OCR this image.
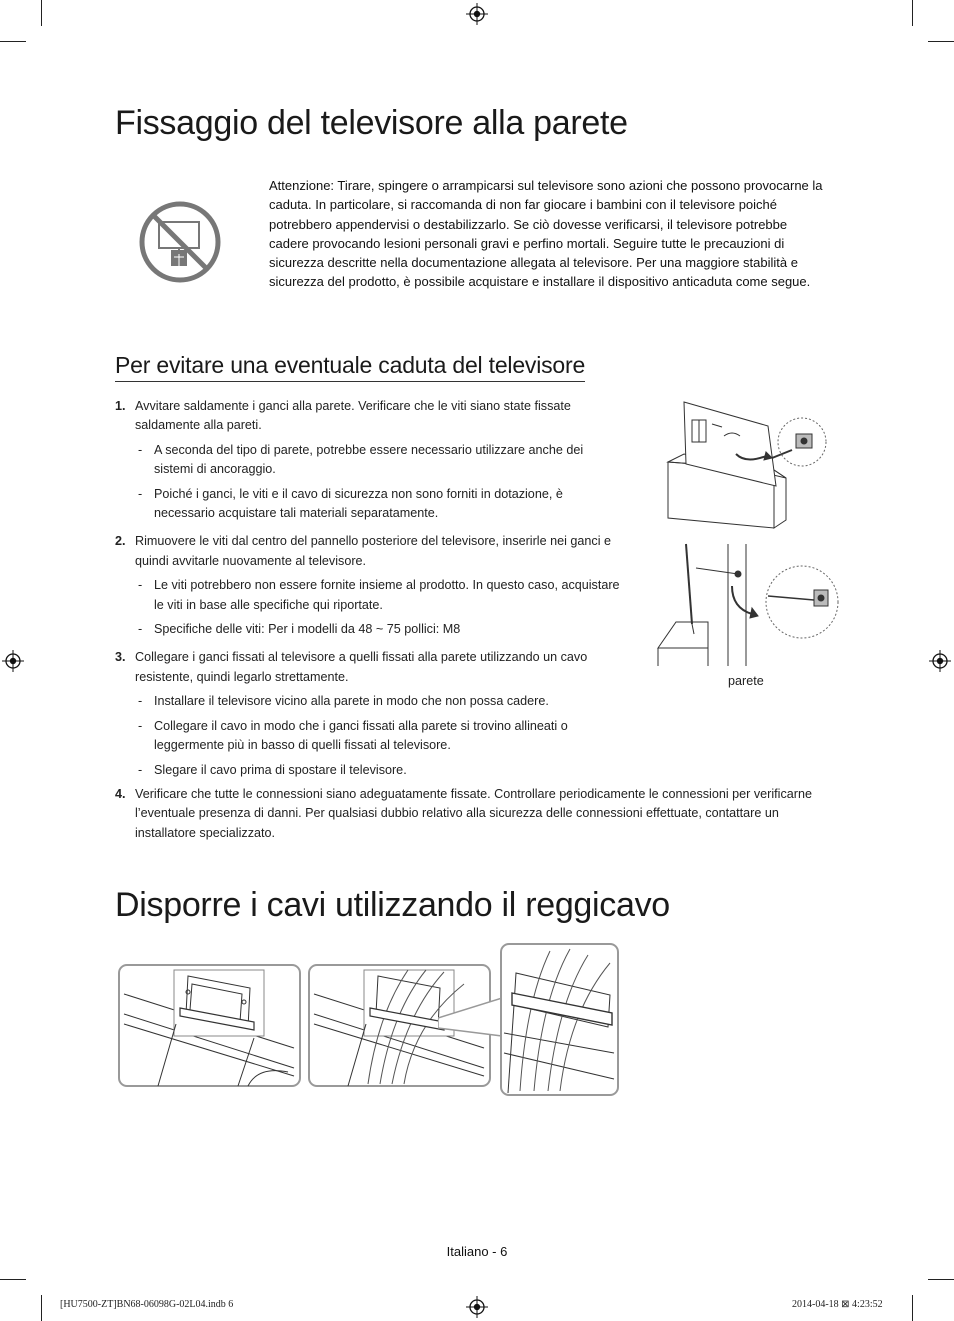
Fissaggio del televisore alla parete
Attenzione: Tirare, spingere o arrampicarsi sul televisore sono azioni che possono provocarne la caduta. In particolare, si raccomanda di non far giocare i bambini con il televisore poiché potrebbero appendervisi o destabilizzarlo. Se ciò dovesse verificarsi, il televisore potrebbe cadere provocando lesioni personali gravi e perfino mortali. Seguire tutte le precauzioni di sicurezza descritte nella documentazione allegata al televisore. Per una maggiore stabilità e sicurezza del prodotto, è possibile acquistare e installare il dispositivo anticaduta come segue.
Per evitare una eventuale caduta del televisore
1. Avvitare saldamente i ganci alla parete. Verificare che le viti siano state fissate saldamente alla pareti.
- A seconda del tipo di parete, potrebbe essere necessario utilizzare anche dei sistemi di ancoraggio.
- Poiché i ganci, le viti e il cavo di sicurezza non sono forniti in dotazione, è necessario acquistare tali materiali separatamente.
2. Rimuovere le viti dal centro del pannello posteriore del televisore, inserirle nei ganci e quindi avvitarle nuovamente al televisore.
- Le viti potrebbero non essere fornite insieme al prodotto. In questo caso, acquistare le viti in base alle specifiche qui riportate.
- Specifiche delle viti: Per i modelli da 48 ~ 75 pollici: M8
3. Collegare i ganci fissati al televisore a quelli fissati alla parete utilizzando un cavo resistente, quindi legarlo strettamente.
- Installare il televisore vicino alla parete in modo che non possa cadere.
- Collegare il cavo in modo che i ganci fissati alla parete si trovino allineati o leggermente più in basso di quelli fissati al televisore.
- Slegare il cavo prima di spostare il televisore.
4. Verificare che tutte le connessioni siano adeguatamente fissate. Controllare periodicamente le connessioni per verificarne l’eventuale presenza di danni. Per qualsiasi dubbio relativo alla sicurezza delle connessioni effettuate, contattare un installatore specializzato.
parete
Disporre i cavi utilizzando il reggicavo
Italiano - 6
[HU7500-ZT]BN68-06098G-02L04.indb 6	2014-04-18 ⊠ 4:23:52
